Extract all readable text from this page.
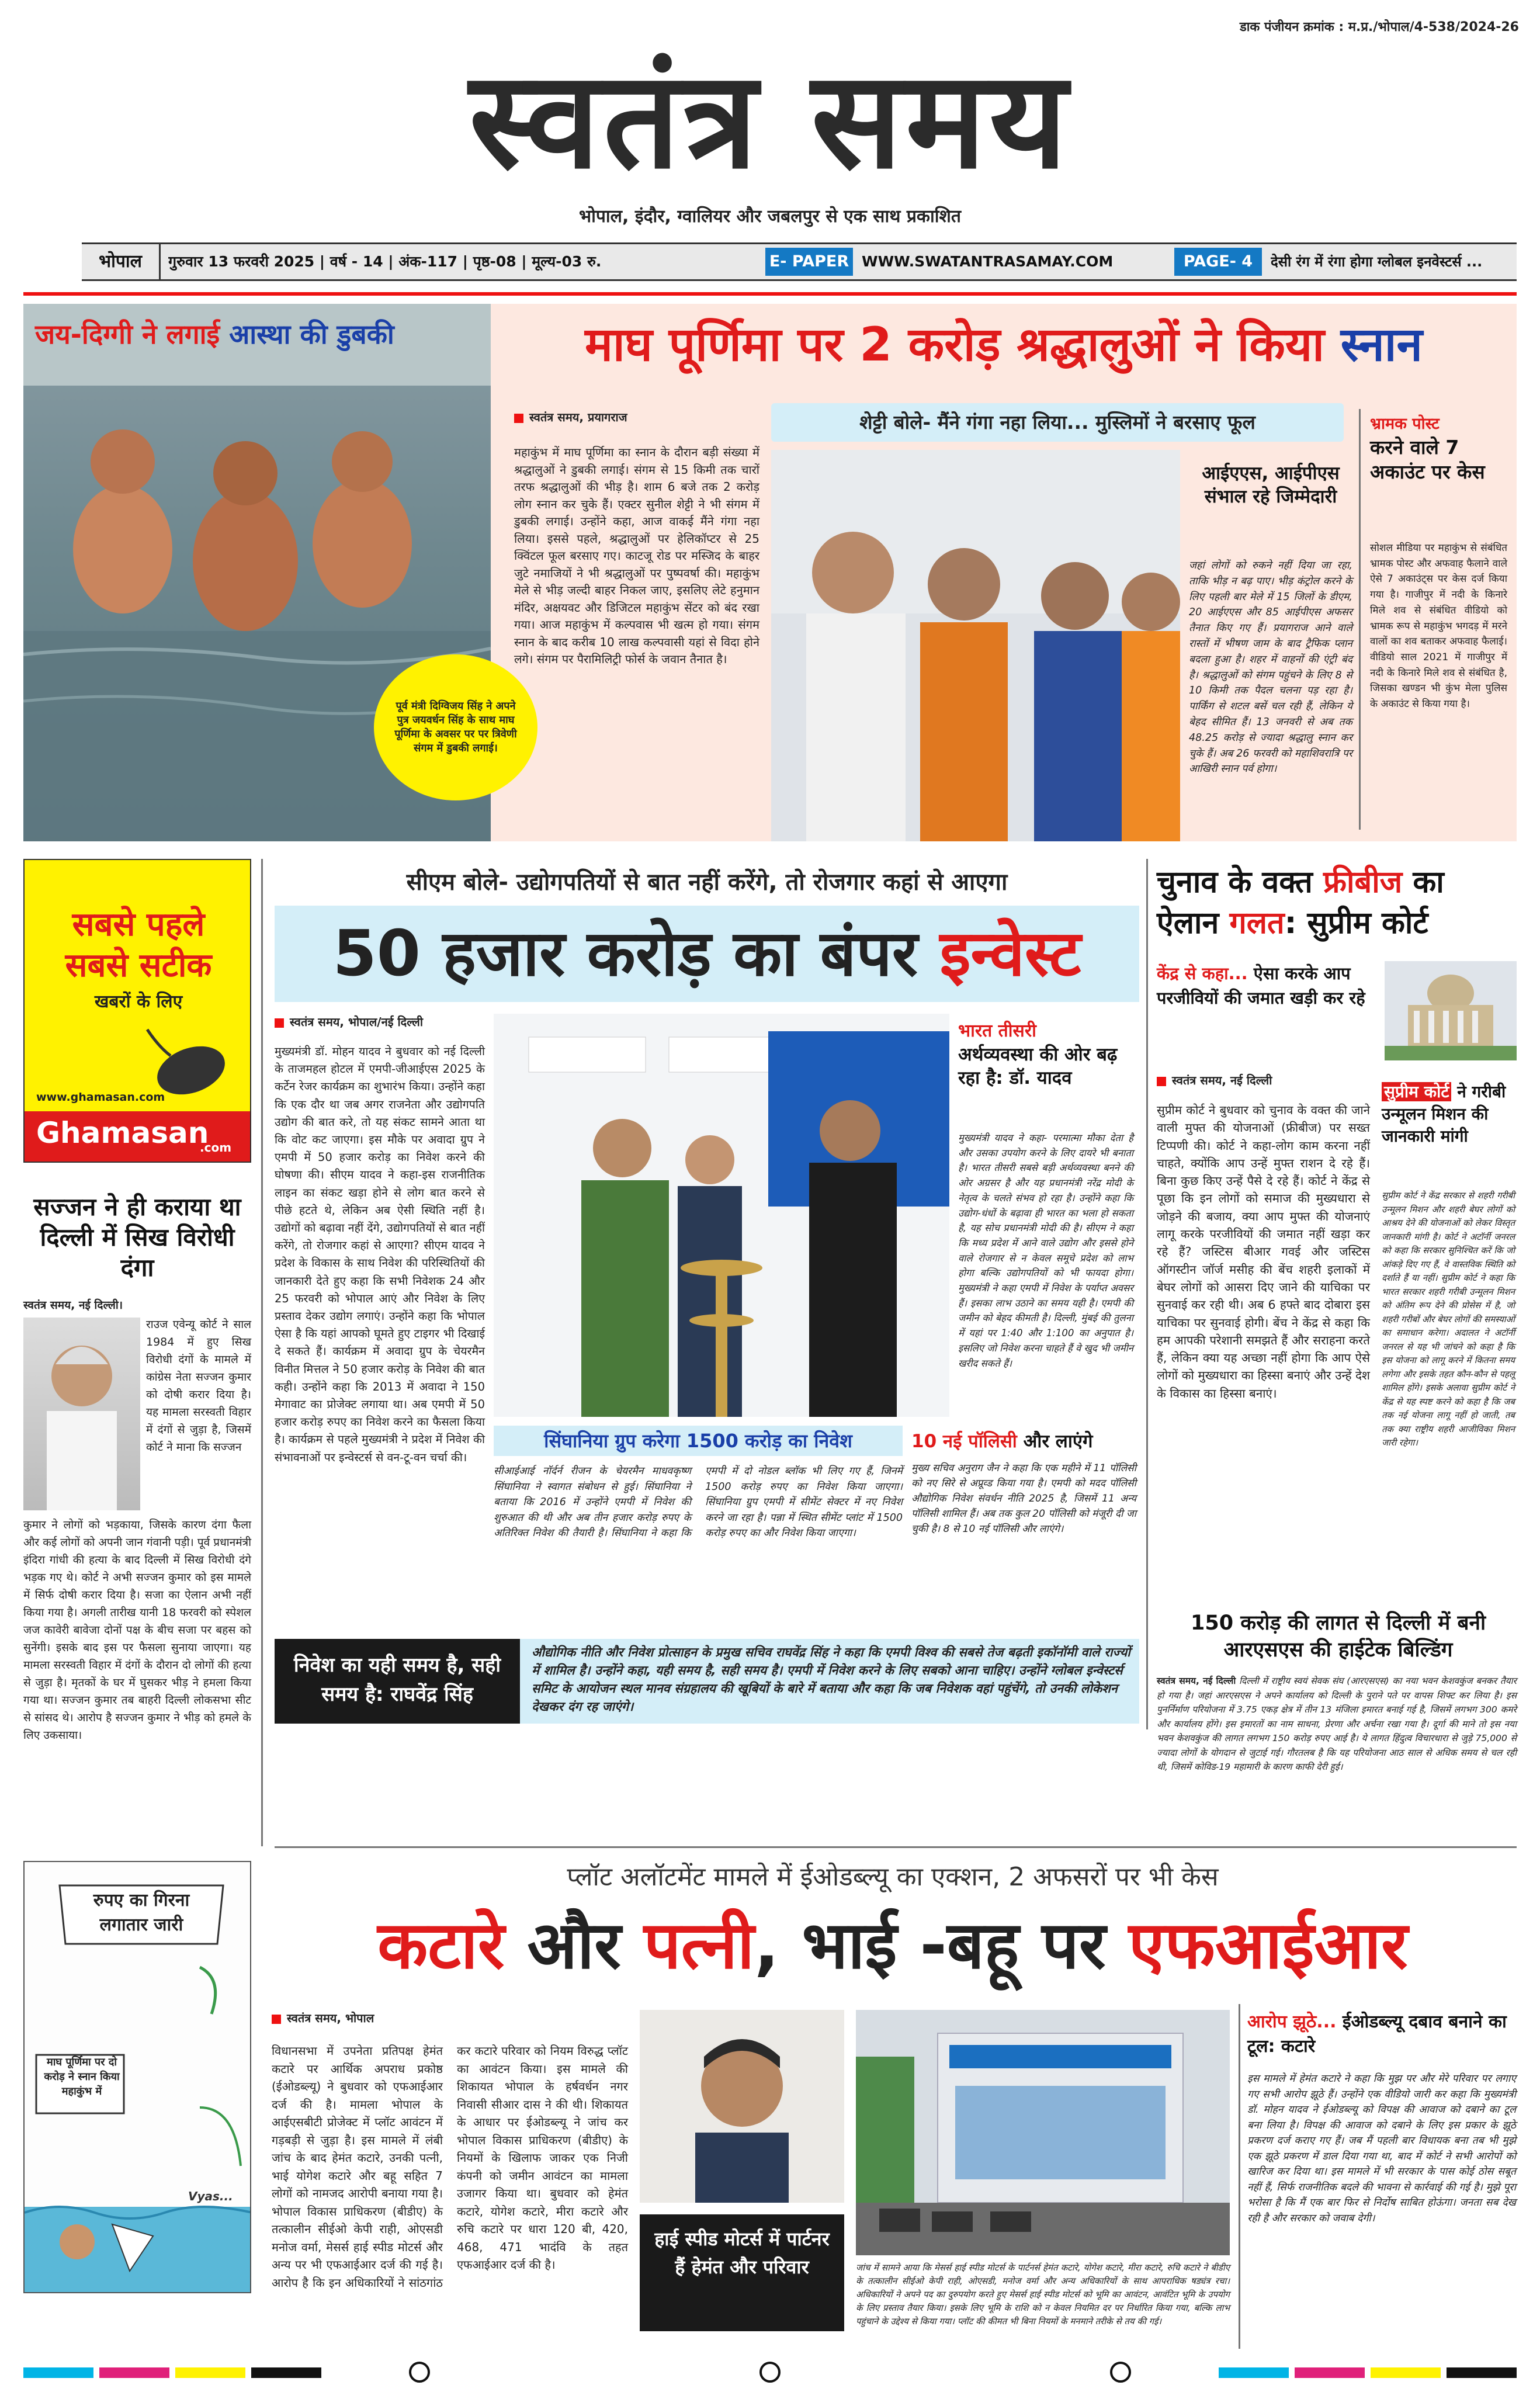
डाक पंजीयन क्रमांक : म.प्र./भोपाल/4-538/2024-26
स्वतंत्र समय
भोपाल, इंदौर, ग्वालियर और जबलपुर से एक साथ प्रकाशित
भोपाल	गुरुवार 13 फरवरी 2025 | वर्ष - 14 | अंक-117 | पृष्ठ-08 | मूल्य-03 रु.	E- PAPER WWW.SWATANTRASAMAY.COM	PAGE- 4	देसी रंग में रंगा होगा ग्लोबल इनवेस्टर्स ...
जय-दिग्गी ने लगाई आस्था की डुबकी
पूर्व मंत्री दिग्विजय सिंह ने अपने पुत्र जयवर्धन सिंह के साथ माघ पूर्णिमा के अवसर पर पर त्रिवेणी संगम में डुबकी लगाई।
माघ पूर्णिमा पर 2 करोड़ श्रद्धालुओं ने किया स्नान
स्वतंत्र समय, प्रयागराज
महाकुंभ में माघ पूर्णिमा का स्नान के दौरान बड़ी संख्या में श्रद्धालुओं ने डुबकी लगाई। संगम से 15 किमी तक चारों तरफ श्रद्धालुओं की भीड़ है। शाम 6 बजे तक 2 करोड़ लोग स्नान कर चुके हैं। एक्टर सुनील शेट्टी ने भी संगम में डुबकी लगाई। उन्होंने कहा, आज वाकई मैंने गंगा नहा लिया। इससे पहले, श्रद्धालुओं पर हेलिकॉप्टर से 25 क्विंटल फूल बरसाए गए। काटजू रोड पर मस्जिद के बाहर जुटे नमाजियों ने भी श्रद्धालुओं पर पुष्पवर्षा की। महाकुंभ मेले से भीड़ जल्दी बाहर निकल जाए, इसलिए लेटे हनुमान मंदिर, अक्षयवट और डिजिटल महाकुंभ सेंटर को बंद रखा गया। आज महाकुंभ में कल्पवास भी खत्म हो गया। संगम स्नान के बाद करीब 10 लाख कल्पवासी यहां से विदा होने लगे। संगम पर पैरामिलिट्री फोर्स के जवान तैनात है।
शेट्टी बोले- मैंने गंगा नहा लिया... मुस्लिमों ने बरसाए फूल
आईएएस, आईपीएस संभाल रहे जिम्मेदारी
जहां लोगों को रुकने नहीं दिया जा रहा, ताकि भीड़ न बढ़ पाए। भीड़ कंट्रोल करने के लिए पहली बार मेले में 15 जिलों के डीएम, 20 आईएएस और 85 आईपीएस अफसर तैनात किए गए हैं। प्रयागराज आने वाले रास्तों में भीषण जाम के बाद ट्रैफिक प्लान बदला हुआ है। शहर में वाहनों की एंट्री बंद है। श्रद्धालुओं को संगम पहुंचने के लिए 8 से 10 किमी तक पैदल चलना पड़ रहा है। पार्किंग से शटल बसें चल रही हैं, लेकिन ये बेहद सीमित हैं। 13 जनवरी से अब तक 48.25 करोड़ से ज्यादा श्रद्धालु स्नान कर चुके हैं। अब 26 फरवरी को महाशिवरात्रि पर आखिरी स्नान पर्व होगा।
भ्रामक पोस्ट
करने वाले 7 अकाउंट पर केस
सोशल मीडिया पर महाकुंभ से संबंधित भ्रामक पोस्ट और अफवाह फैलाने वाले ऐसे 7 अकाउंट्स पर केस दर्ज किया गया है। गाजीपुर में नदी के किनारे मिले शव से संबंधित वीडियो को भ्रामक रूप से महाकुंभ भगदड़ में मरने वालों का शव बताकर अफवाह फैलाई। वीडियो साल 2021 में गाजीपुर में नदी के किनारे मिले शव से संबंधित है, जिसका खण्डन भी कुंभ मेला पुलिस के अकाउंट से किया गया है।
सबसे पहले
सबसे सटीक
खबरों के लिए
www.ghamasan.com
Ghamasan
.com
सज्जन ने ही कराया था दिल्ली में सिख विरोधी दंगा
स्वतंत्र समय, नई दिल्ली।
राउज एवेन्यू कोर्ट ने साल 1984 में हुए सिख विरोधी दंगों के मामले में कांग्रेस नेता सज्जन कुमार को दोषी करार दिया है। यह मामला सरस्वती विहार में दंगों से जुड़ा है, जिसमें कोर्ट ने माना कि सज्जन
कुमार ने लोगों को भड़काया, जिसके कारण दंगा फैला और कई लोगों को अपनी जान गंवानी पड़ी। पूर्व प्रधानमंत्री इंदिरा गांधी की हत्या के बाद दिल्ली में सिख विरोधी दंगे भड़क गए थे। कोर्ट ने अभी सज्जन कुमार को इस मामले में सिर्फ दोषी करार दिया है। सजा का ऐलान अभी नहीं किया गया है। अगली तारीख यानी 18 फरवरी को स्पेशल जज कावेरी बावेजा दोनों पक्ष के बीच सजा पर बहस को सुनेंगी। इसके बाद इस पर फैसला सुनाया जाएगा। यह मामला सरस्वती विहार में दंगों के दौरान दो लोगों की हत्या से जुड़ा है। मृतकों के घर में घुसकर भीड़ ने हमला किया गया था। सज्जन कुमार तब बाहरी दिल्ली लोकसभा सीट से सांसद थे। आरोप है सज्जन कुमार ने भीड़ को हमले के लिए उकसाया।
सीएम बोले- उद्योगपतियों से बात नहीं करेंगे, तो रोजगार कहां से आएगा
50 हजार करोड़ का बंपर इन्वेस्ट
स्वतंत्र समय, भोपाल/नई दिल्ली
मुख्यमंत्री डॉ. मोहन यादव ने बुधवार को नई दिल्ली के ताजमहल होटल में एमपी-जीआईएस 2025 के कर्टेन रेजर कार्यक्रम का शुभारंभ किया। उन्होंने कहा कि एक दौर था जब अगर राजनेता और उद्योगपति उद्योग की बात करे, तो यह संकट सामने आता था कि वोट कट जाएगा। इस मौके पर अवादा ग्रुप ने एमपी में 50 हजार करोड़ का निवेश करने की घोषणा की। सीएम यादव ने कहा-इस राजनीतिक लाइन का संकट खड़ा होने से लोग बात करने से पीछे हटते थे, लेकिन अब ऐसी स्थिति नहीं है। उद्योगों को बढ़ावा नहीं देंगे, उद्योगपतियों से बात नहीं करेंगे, तो रोजगार कहां से आएगा? सीएम यादव ने प्रदेश के विकास के साथ निवेश की परिस्थितियों की जानकारी देते हुए कहा कि सभी निवेशक 24 और 25 फरवरी को भोपाल आएं और निवेश के लिए प्रस्ताव देकर उद्योग लगाएं। उन्होंने कहा कि भोपाल ऐसा है कि यहां आपको घूमते हुए टाइगर भी दिखाई दे सकते हैं। कार्यक्रम में अवादा ग्रुप के चेयरमैन विनीत मित्तल ने 50 हजार करोड़ के निवेश की बात कही। उन्होंने कहा कि 2013 में अवादा ने 150 मेगावाट का प्रोजेक्ट लगाया था। अब एमपी में 50 हजार करोड़ रुपए का निवेश करने का फैसला किया है। कार्यक्रम से पहले मुख्यमंत्री ने प्रदेश में निवेश की संभावनाओं पर इन्वेस्टर्स से वन-टू-वन चर्चा की।
भारत तीसरी
अर्थव्यवस्था की ओर बढ़ रहा है: डॉ. यादव
मुख्यमंत्री यादव ने कहा- परमात्मा मौका देता है और उसका उपयोग करने के लिए दायरे भी बनाता है। भारत तीसरी सबसे बड़ी अर्थव्यवस्था बनने की ओर अग्रसर है और यह प्रधानमंत्री नरेंद्र मोदी के नेतृत्व के चलते संभव हो रहा है। उन्होंने कहा कि उद्योग-धंधों के बढ़ावा ही भारत का भला हो सकता है, यह सोच प्रधानमंत्री मोदी की है। सीएम ने कहा कि मध्य प्रदेश में आने वाले उद्योग और इससे होने वाले रोजगार से न केवल समूचे प्रदेश को लाभ होगा बल्कि उद्योगपतियों को भी फायदा होगा। मुख्यमंत्री ने कहा एमपी में निवेश के पर्याप्त अवसर हैं। इसका लाभ उठाने का समय यही है। एमपी की जमीन को बेहद कीमती है। दिल्ली, मुंबई की तुलना में यहां पर 1:40 और 1:100 का अनुपात है। इसलिए जो निवेश करना चाहते हैं वे खुद भी जमीन खरीद सकते हैं।
सिंघानिया ग्रुप करेगा 1500 करोड़ का निवेश
सीआईआई नॉर्दर्न रीजन के चेयरमैन माधवकृष्ण सिंघानिया ने स्वागत संबोधन से हुई। सिंघानिया ने बताया कि 2016 में उन्होंने एमपी में निवेश की शुरुआत की थी और अब तीन हजार करोड़ रुपए के अतिरिक्त निवेश की तैयारी है। सिंघानिया ने कहा कि एमपी में दो नोडल ब्लॉक भी लिए गए हैं, जिनमें 1500 करोड़ रुपए का निवेश किया जाएगा। सिंघानिया ग्रुप एमपी में सीमेंट सेक्टर में नए निवेश करने जा रहा है। पन्ना में स्थित सीमेंट प्लांट में 1500 करोड़ रुपए का और निवेश किया जाएगा।
10 नई पॉलिसी और लाएंगे
मुख्य सचिव अनुराग जैन ने कहा कि एक महीने में 11 पॉलिसी को नए सिरे से अप्रूव्ड किया गया है। एमपी को मदद पॉलिसी औद्योगिक निवेश संवर्धन नीति 2025 है, जिसमें 11 अन्य पॉलिसी शामिल हैं। अब तक कुल 20 पॉलिसी को मंजूरी दी जा चुकी है। 8 से 10 नई पॉलिसी और लाएंगे।
निवेश का यही समय है, सही समय है: राघवेंद्र सिंह
औद्योगिक नीति और निवेश प्रोत्साहन के प्रमुख सचिव राघवेंद्र सिंह ने कहा कि एमपी विश्व की सबसे तेज बढ़ती इकॉनॉमी वाले राज्यों में शामिल है। उन्होंने कहा, यही समय है, सही समय है। एमपी में निवेश करने के लिए सबको आना चाहिए। उन्होंने ग्लोबल इन्वेस्टर्स समिट के आयोजन स्थल मानव संग्रहालय की खूबियों के बारे में बताया और कहा कि जब निवेशक वहां पहुंचेंगे, तो उनकी लोकेशन देखकर दंग रह जाएंगे।
चुनाव के वक्त फ्रीबीज का ऐलान गलत: सुप्रीम कोर्ट
केंद्र से कहा... ऐसा करके आप परजीवियों की जमात खड़ी कर रहे
स्वतंत्र समय, नई दिल्ली
सुप्रीम कोर्ट ने बुधवार को चुनाव के वक्त की जाने वाली मुफ्त की योजनाओं (फ्रीबीज) पर सख्त टिप्पणी की। कोर्ट ने कहा-लोग काम करना नहीं चाहते, क्योंकि आप उन्हें मुफ्त राशन दे रहे हैं। बिना कुछ किए उन्हें पैसे दे रहे हैं। कोर्ट ने केंद्र से पूछा कि इन लोगों को समाज की मुख्यधारा से जोड़ने की बजाय, क्या आप मुफ्त की योजनाएं लागू करके परजीवियों की जमात नहीं खड़ा कर रहे हैं? जस्टिस बीआर गवई और जस्टिस ऑगस्टीन जॉर्ज मसीह की बेंच शहरी इलाकों में बेघर लोगों को आसरा दिए जाने की याचिका पर सुनवाई कर रही थी। अब 6 हफ्ते बाद दोबारा इस याचिका पर सुनवाई होगी। बेंच ने केंद्र से कहा कि हम आपकी परेशानी समझते हैं और सराहना करते हैं, लेकिन क्या यह अच्छा नहीं होगा कि आप ऐसे लोगों को मुख्यधारा का हिस्सा बनाएं और उन्हें देश के विकास का हिस्सा बनाएं।
सुप्रीम कोर्ट ने गरीबी उन्मूलन मिशन की जानकारी मांगी
सुप्रीम कोर्ट ने केंद्र सरकार से शहरी गरीबी उन्मूलन मिशन और शहरी बेघर लोगों को आश्रय देने की योजनाओं को लेकर विस्तृत जानकारी मांगी है। कोर्ट ने अटॉर्नी जनरल को कहा कि सरकार सुनिश्चित करें कि जो आंकड़े दिए गए हैं, वे वास्तविक स्थिति को दर्शाते हैं या नहीं। सुप्रीम कोर्ट ने कहा कि भारत सरकार शहरी गरीबी उन्मूलन मिशन को अंतिम रूप देने की प्रोसेस में है, जो शहरी गरीबों और बेघर लोगों की समस्याओं का समाधान करेगा। अदालत ने अटॉर्नी जनरल से यह भी जांचने को कहा है कि इस योजना को लागू करने में कितना समय लगेगा और इसके तहत कौन-कौन से पहलू शामिल होंगे। इसके अलावा सुप्रीम कोर्ट ने केंद्र से यह स्पष्ट करने को कहा है कि जब तक नई योजना लागू नहीं हो जाती, तब तक क्या राष्ट्रीय शहरी आजीविका मिशन जारी रहेगा।
150 करोड़ की लागत से दिल्ली में बनी आरएसएस की हाईटेक बिल्डिंग
स्वतंत्र समय, नई दिल्ली दिल्ली में राष्ट्रीय स्वयं सेवक संघ (आरएसएस) का नया भवन केशवकुंज बनकर तैयार हो गया है। जहां आरएसएस ने अपने कार्यालय को दिल्ली के पुराने पते पर वापस शिफ्ट कर लिया है। इस पुनर्निर्माण परियोजना में 3.75 एकड़ क्षेत्र में तीन 13 मंजिला इमारत बनाई गई है, जिसमें लगभग 300 कमरे और कार्यालय होंगे। इस इमारतों का नाम साधना, प्रेरणा और अर्चना रखा गया है। दूर्गा की माने तो इस नया भवन केशवकुंज की लागत लगभग 150 करोड़ रुपए आई है। ये लागत हिंदुत्व विचारधारा से जुड़े 75,000 से ज्यादा लोगों के योगदान से जुटाई गई। गौरतलब है कि यह परियोजना आठ साल से अधिक समय से चल रही थी, जिसमें कोविड-19 महामारी के कारण काफी देरी हुई।
रुपए का गिरना लगातार जारी
माघ पूर्णिमा पर दो करोड़ ने स्नान किया महाकुंभ में
Vyas...
प्लॉट अलॉटमेंट मामले में ईओडब्ल्यू का एक्शन, 2 अफसरों पर भी केस
कटारे और पत्नी, भाई -बहू पर एफआईआर
स्वतंत्र समय, भोपाल
विधानसभा में उपनेता प्रतिपक्ष हेमंत कटारे पर आर्थिक अपराध प्रकोष्ठ (ईओडब्ल्यू) ने बुधवार को एफआईआर दर्ज की है। मामला भोपाल के आईएसबीटी प्रोजेक्ट में प्लॉट आवंटन में गड़बड़ी से जुड़ा है। इस मामले में लंबी जांच के बाद हेमंत कटारे, उनकी पत्नी, भाई योगेश कटारे और बहू सहित 7 लोगों को नामजद आरोपी बनाया गया है। भोपाल विकास प्राधिकरण (बीडीए) के तत्कालीन सीईओ केपी राही, ओएसडी मनोज वर्मा, मेसर्स हाई स्पीड मोटर्स और अन्य पर भी एफआईआर दर्ज की गई है। आरोप है कि इन अधिकारियों ने सांठगांठ कर कटारे परिवार को नियम विरुद्ध प्लॉट का आवंटन किया। इस मामले की शिकायत भोपाल के हर्षवर्धन नगर निवासी सीआर दास ने की थी। शिकायत के आधार पर ईओडब्ल्यू ने जांच कर भोपाल विकास प्राधिकरण (बीडीए) के नियमों के खिलाफ जाकर एक निजी कंपनी को जमीन आवंटन का मामला उजागर किया था। बुधवार को हेमंत कटारे, योगेश कटारे, मीरा कटारे और रुचि कटारे पर धारा 120 बी, 420, 468, 471 भादंवि के तहत एफआईआर दर्ज की है।
हाई स्पीड मोटर्स में पार्टनर हैं हेमंत और परिवार	जांच में सामने आया कि मेसर्स हाई स्पीड मोटर्स के पार्टनर्स हेमंत कटारे, योगेश कटारे, मीरा कटारे, रुचि कटारे ने बीडीए के तत्कालीन सीईओ केपी राही, ओएसडी, मनोज वर्मा और अन्य अधिकारियों के साथ आपराधिक षड्यंत्र रचा। अधिकारियों ने अपने पद का दुरुपयोग करते हुए मेसर्स हाई स्पीड मोटर्स को भूमि का आवंटन, आवंटित भूमि के उपयोग के लिए प्रस्ताव तैयार किया। इसके लिए भूमि के राशि को न केवल नियमित दर पर निर्धारित किया गया, बल्कि लाभ पहुंचाने के उद्देश्य से किया गया। प्लॉट की कीमत भी बिना नियमों के मनमाने तरीके से तय की गई।
आरोप झूठे... ईओडब्ल्यू दबाव बनाने का टूल: कटारे
इस मामले में हेमंत कटारे ने कहा कि मुझ पर और मेरे परिवार पर लगाए गए सभी आरोप झूठे हैं। उन्होंने एक वीडियो जारी कर कहा कि मुख्यमंत्री डॉ. मोहन यादव ने ईओडब्ल्यू को विपक्ष की आवाज को दबाने का टूल बना लिया है। विपक्ष की आवाज को दबाने के लिए इस प्रकार के झूठे प्रकरण दर्ज कराए गए हैं। जब मैं पहली बार विधायक बना तब भी मुझे एक झूठे प्रकरण में डाल दिया गया था, बाद में कोर्ट ने सभी आरोपों को खारिज कर दिया था। इस मामले में भी सरकार के पास कोई ठोस सबूत नहीं हैं, सिर्फ राजनीतिक बदले की भावना से कार्रवाई की गई है। मुझे पूरा भरोसा है कि मैं एक बार फिर से निर्दोष साबित होऊंगा। जनता सब देख रही है और सरकार को जवाब देगी।
